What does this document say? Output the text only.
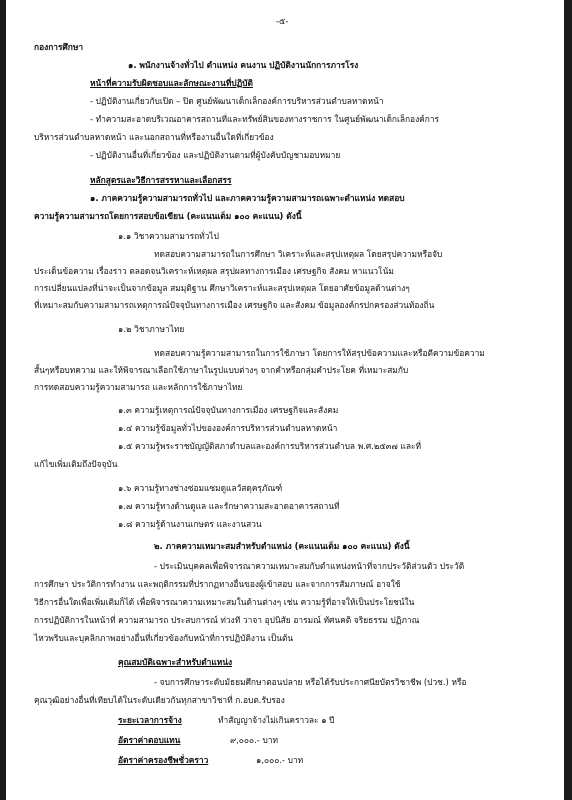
-๕-
กองการศึกษา
๑. พนักงานจ้างทั่วไป ตำแหน่ง คนงาน ปฏิบัติงานนักการภารโรง
หน้าที่ความรับผิดชอบและลักษณะงานที่ปฏิบัติ
- ปฏิบัติงานเกี่ยวกับเปิด – ปิด ศูนย์พัฒนาเด็กเล็กองค์การบริหารส่วนตำบลหาดหน้า
- ทำความสะอาดบริเวณอาคารสถานที่และทรัพย์สินของทางราชการ ในศูนย์พัฒนาเด็กเล็กองค์การ
บริหารส่วนตำบลหาดหน้า และนอกสถานที่หรืองานอื่นใดที่เกี่ยวข้อง
- ปฏิบัติงานอื่นที่เกี่ยวข้อง และปฏิบัติงานตามที่ผู้บังคับบัญชามอบหมาย
หลักสูตรและวิธีการสรรหาและเลือกสรร
๑. ภาคความรู้ความสามารถทั่วไป และภาคความรู้ความสามารถเฉพาะตำแหน่ง ทดสอบ
ความรู้ความสามารถโดยการสอบข้อเขียน (คะแนนเต็ม ๑๐๐ คะแนน) ดังนี้
๑.๑ วิชาความสามารถทั่วไป
ทดสอบความสามารถในการศึกษา วิเคราะห์และสรุปเหตุผล โดยสรุปความหรือจับ
ประเด็นข้อความ เรื่องราว ตลอดจนวิเคราะห์เหตุผล สรุปผลทางการเมือง เศรษฐกิจ สังคม หาแนวโน้ม
การเปลี่ยนแปลงที่น่าจะเป็นจากข้อมูล สมมุติฐาน ศึกษาวิเคราะห์และสรุปเหตุผล โดยอาศัยข้อมูลด้านต่างๆ
ที่เหมาะสมกับความสามารถเหตุการณ์ปัจจุบันทางการเมือง เศรษฐกิจ และสังคม ข้อมูลองค์กรปกครองส่วนท้องถิ่น
๑.๒ วิชาภาษาไทย
ทดสอบความรู้ความสามารถในการใช้ภาษา โดยการให้สรุปข้อความและหรือตีความข้อความ
สั้นๆหรือบทความ และให้พิจารณาเลือกใช้ภาษาในรูปแบบต่างๆ จากคำหรือกลุ่มคำประโยค ที่เหมาะสมกับ
การทดสอบความรู้ความสามารถ และหลักการใช้ภาษาไทย
๑.๓ ความรู้เหตุการณ์ปัจจุบันทางการเมือง เศรษฐกิจและสังคม
๑.๔ ความรู้ข้อมูลทั่วไปขององค์การบริหารส่วนตำบลหาดหน้า
๑.๕ ความรู้พระราชบัญญัติสภาตำบลและองค์การบริหารส่วนตำบล พ.ศ.๒๕๓๗ และที่
แก้ไขเพิ่มเติมถึงปัจจุบัน
๑.๖ ความรู้ทางช่างซ่อมแซมดูแลวัสดุครุภัณฑ์
๑.๗ ความรู้ทางด้านดูแล และรักษาความสะอาดอาคารสถานที่
๑.๘ ความรู้ด้านงานเกษตร และงานสวน
๒. ภาคความเหมาะสมสำหรับตำแหน่ง (คะแนนเต็ม ๑๐๐ คะแนน) ดังนี้
- ประเมินบุคคลเพื่อพิจารณาความเหมาะสมกับตำแหน่งหน้าที่จากประวัติส่วนตัว ประวัติ
การศึกษา ประวัติการทำงาน และพฤติกรรมที่ปรากฏทางอื่นของผู้เข้าสอบ และจากการสัมภาษณ์ อาจใช้
วิธีการอื่นใดเพื่อเพิ่มเติมก็ได้ เพื่อพิจารณาความเหมาะสมในด้านต่างๆ เช่น ความรู้ที่อาจให้เป็นประโยชน์ใน
การปฏิบัติการในหน้าที่ ความสามารถ ประสบการณ์ ท่วงที วาจา อุปนิสัย อารมณ์ ทัศนคติ จริยธรรม ปฏิภาณ
ไหวพริบและบุคลิกภาพอย่างอื่นที่เกี่ยวข้องกับหน้าที่การปฏิบัติงาน เป็นต้น
คุณสมบัติเฉพาะสำหรับตำแหน่ง
- จบการศึกษาระดับมัธยมศึกษาตอนปลาย หรือได้รับประกาศนียบัตรวิชาชีพ (ปวช.) หรือ
คุณวุฒิอย่างอื่นที่เทียบได้ในระดับเดียวกันทุกสาขาวิชาที่ ก.อบต.รับรอง
ระยะเวลาการจ้าง	ทำสัญญาจ้างไม่เกินคราวละ ๑ ปี
อัตราค่าตอบแทน	๙,๐๐๐.- บาท
อัตราค่าครองชีพชั่วคราว	๑,๐๐๐.- บาท
